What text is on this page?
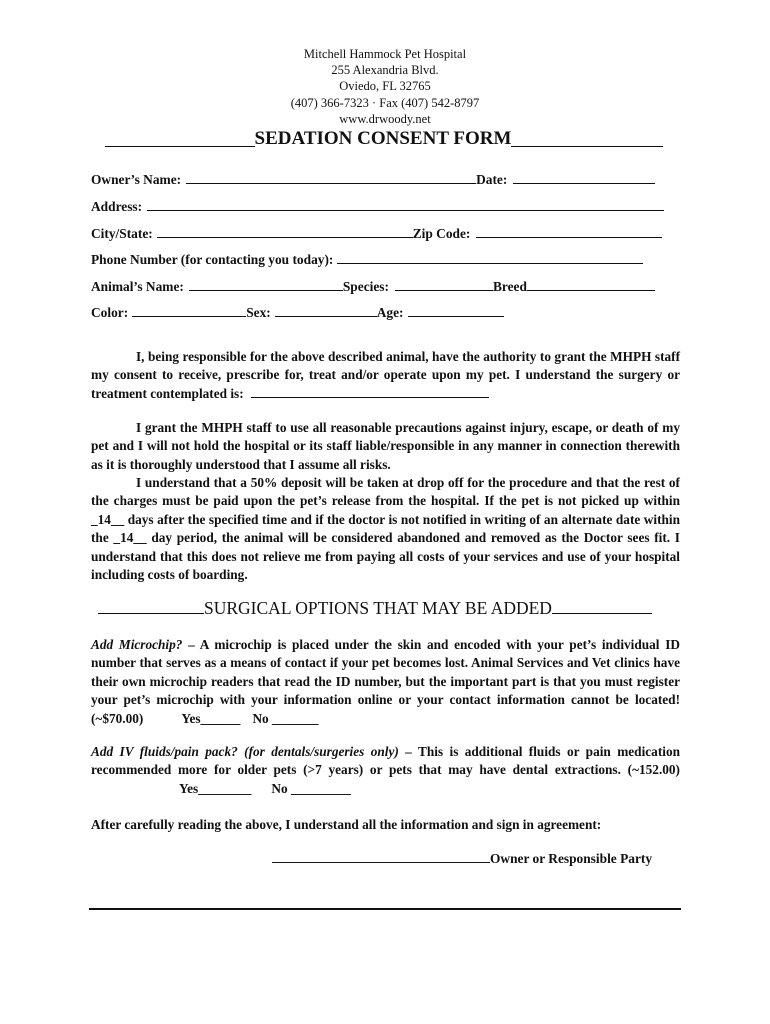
Mitchell Hammock Pet Hospital
255 Alexandria Blvd.
Oviedo, FL 32765
(407) 366-7323 · Fax (407) 542-8797
www.drwoody.net
SEDATION CONSENT FORM
Owner’s Name:	Date:
Address:
City/State:	Zip Code:
Phone Number (for contacting you today):
Animal’s Name:	Species:	Breed
Color:	Sex:	Age:
I, being responsible for the above described animal, have the authority to grant the MHPH staff my consent to receive, prescribe for, treat and/or operate upon my pet. I understand the surgery or treatment contemplated is:
I grant the MHPH staff to use all reasonable precautions against injury, escape, or death of my pet and I will not hold the hospital or its staff liable/responsible in any manner in connection therewith as it is thoroughly understood that I assume all risks.
I understand that a 50% deposit will be taken at drop off for the procedure and that the rest of the charges must be paid upon the pet’s release from the hospital. If the pet is not picked up within _14__ days after the specified time and if the doctor is not notified in writing of an alternate date within the _14__ day period, the animal will be considered abandoned and removed as the Doctor sees fit. I understand that this does not relieve me from paying all costs of your services and use of your hospital including costs of boarding.
SURGICAL OPTIONS THAT MAY BE ADDED
Add Microchip? – A microchip is placed under the skin and encoded with your pet’s individual ID number that serves as a means of contact if your pet becomes lost. Animal Services and Vet clinics have their own microchip readers that read the ID number, but the important part is that you must register your pet’s microchip with your information online or your contact information cannot be located! (~$70.00)	Yes______ No _______
Add IV fluids/pain pack? (for dentals/surgeries only) – This is additional fluids or pain medication recommended more for older pets (>7 years) or pets that may have dental extractions. (~152.00)Yes________ No _________
After carefully reading the above, I understand all the information and sign in agreement:
Owner or Responsible Party
